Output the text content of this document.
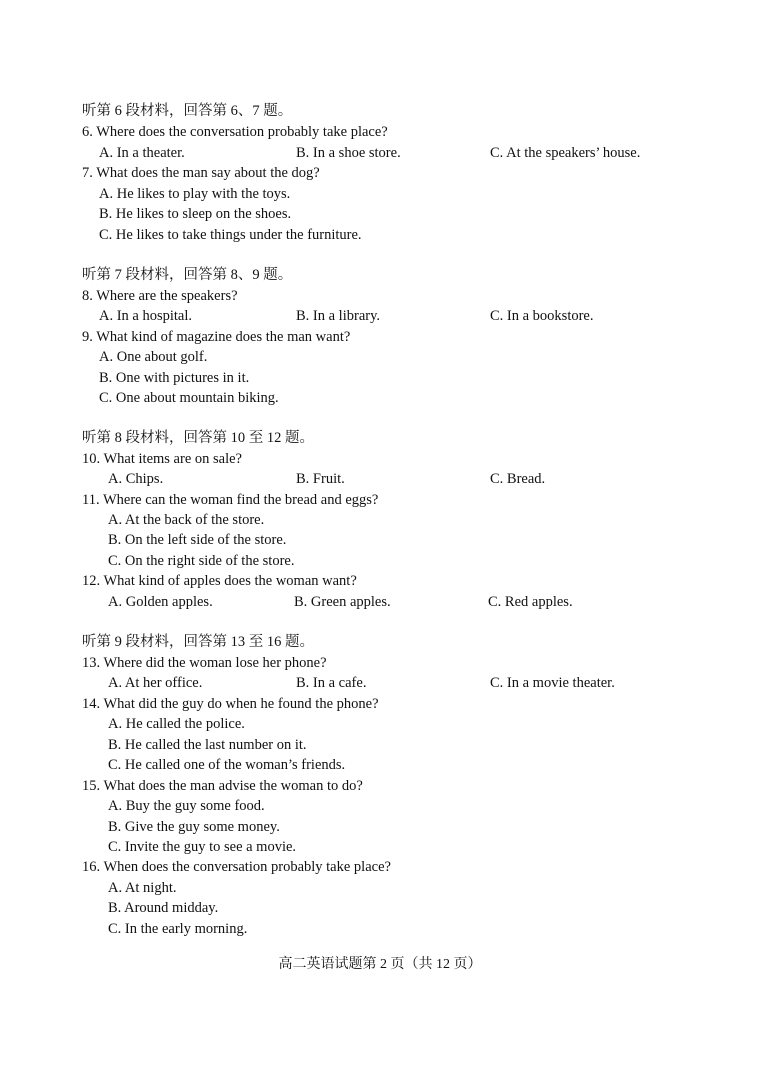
听第 6 段材料，回答第 6、7 题。
6. Where does the conversation probably take place?
A. In a theater.	B. In a shoe store.	C. At the speakers’ house.
7. What does the man say about the dog?
A. He likes to play with the toys.
B. He likes to sleep on the shoes.
C. He likes to take things under the furniture.
听第 7 段材料，回答第 8、9 题。
8. Where are the speakers?
A. In a hospital.	B. In a library.	C. In a bookstore.
9. What kind of magazine does the man want?
A. One about golf.
B. One with pictures in it.
C. One about mountain biking.
听第 8 段材料，回答第 10 至 12 题。
10. What items are on sale?
A. Chips.	B. Fruit.	C. Bread.
11. Where can the woman find the bread and eggs?
A. At the back of the store.
B. On the left side of the store.
C. On the right side of the store.
12. What kind of apples does the woman want?
A. Golden apples.	B. Green apples.	C. Red apples.
听第 9 段材料，回答第 13 至 16 题。
13. Where did the woman lose her phone?
A. At her office.	B. In a cafe.	C. In a movie theater.
14. What did the guy do when he found the phone?
A. He called the police.
B. He called the last number on it.
C. He called one of the woman’s friends.
15. What does the man advise the woman to do?
A. Buy the guy some food.
B. Give the guy some money.
C. Invite the guy to see a movie.
16. When does the conversation probably take place?
A. At night.
B. Around midday.
C. In the early morning.
高二英语试题第 2 页（共 12 页）
